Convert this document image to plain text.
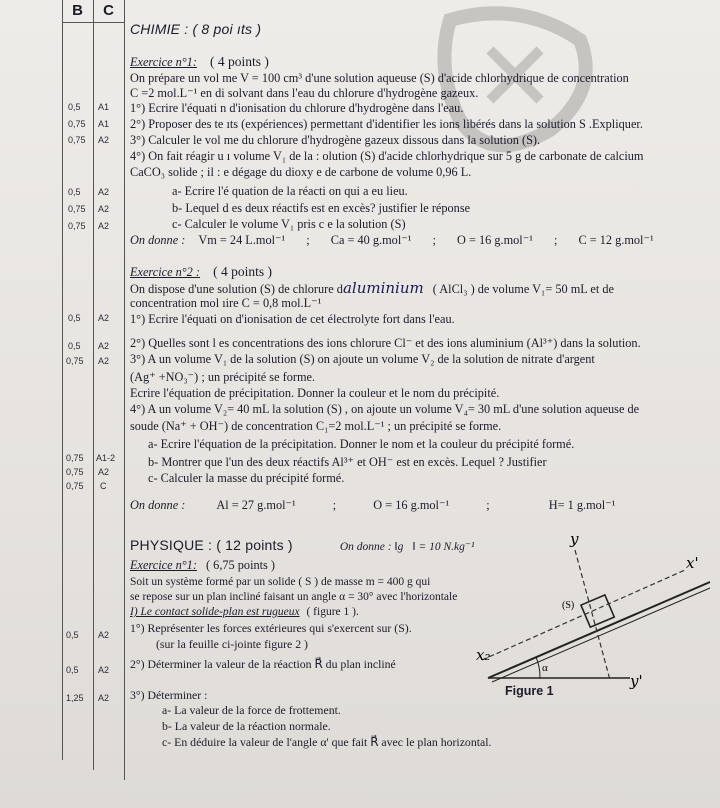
B	C
0,5 A1
0,75 A1
0,75 A2
0,5 A2
0,75 A2
0,75 A2
0,5 A2
0,5 A2
0,75 A2
0,75 A1-2
0,75 A2
0,75 C
0,5 A2
0,5 A2
1,25 A2
CHIMIE : ( 8 poi ıts )
Exercice n°1: ( 4 points )
On prépare un vol me V = 100 cm³ d'une solution aqueuse (S) d'acide chlorhydrique de concentration
C =2 mol.L⁻¹ en di solvant dans l'eau du chlorure d'hydrogène gazeux.
1°) Ecrire l'équati n d'ionisation du chlorure d'hydrogène dans l'eau.
2°) Proposer des te ıts (expériences) permettant d'identifier les ions libérés dans la solution S .Expliquer.
3°) Calculer le vol me du chlorure d'hydrogène gazeux dissous dans la solution (S).
4°) On fait réagir u ı volume V₁ de la : olution (S) d'acide chlorhydrique sur 5 g de carbonate de calcium
CaCO₃ solide ; il : e dégage du dioxy e de carbone de volume 0,96 L.
a- Ecrire l'é quation de la réacti on qui a eu lieu.
b- Lequel d es deux réactifs est en excès? justifier le réponse
c- Calculer le volume V₁ pris c e la solution (S)
On donne : Vm = 24 L.mol⁻¹ ; Ca = 40 g.mol⁻¹ ; O = 16 g.mol⁻¹ ; C = 12 g.mol⁻¹
Exercice n°2 : ( 4 points )
On dispose d'une solution (S) de chlorure daluminium ( AlCl₃ ) de volume V₁= 50 mL et de
concentration mol ıire C = 0,8 mol.L⁻¹
1°) Ecrire l'équati on d'ionisation de cet électrolyte fort dans l'eau.
2°) Quelles sont l es concentrations des ions chlorure Cl⁻ et des ions aluminium (Al³⁺) dans la solution.
3°) A un volume V₁ de la solution (S) on ajoute un volume V₂ de la solution de nitrate d'argent
(Ag⁺ +NO₃⁻) ; un précipité se forme.
Ecrire l'équation de précipitation. Donner la couleur et le nom du précipité.
4°) A un volume V₂= 40 mL la solution (S) , on ajoute un volume V₄= 30 mL d'une solution aqueuse de
soude (Na⁺ + OH⁻) de concentration C₁=2 mol.L⁻¹ ; un précipité se forme.
a- Ecrire l'équation de la précipitation. Donner le nom et la couleur du précipité formé.
b- Montrer que l'un des deux réactifs Al³⁺ et OH⁻ est en excès. Lequel ? Justifier
c- Calculer la masse du précipité formé.
On donne :	Al = 27 g.mol⁻¹	;	O = 16 g.mol⁻¹	;	H= 1 g.mol⁻¹
PHYSIQUE : ( 12 points )	On donne : ‖g⃗‖ = 10 N.kg⁻¹
Exercice n°1: ( 6,75 points )
Soit un système formé par un solide ( S ) de masse m = 400 g qui
se repose sur un plan incliné faisant un angle α = 30° avec l'horizontale
I) Le contact solide-plan est rugueux ( figure 1 ).
1°) Représenter les forces extérieures qui s'exercent sur (S).
(sur la feuille ci-jointe figure 2 )
2°) Déterminer la valeur de la réaction R⃗ du plan incliné
3°) Déterminer :
a- La valeur de la force de frottement.
b- La valeur de la réaction normale.
c- En déduire la valeur de l'angle α' que fait R⃗ avec le plan horizontal.
α
(S)
y
x'
x₂
y'
Figure 1
